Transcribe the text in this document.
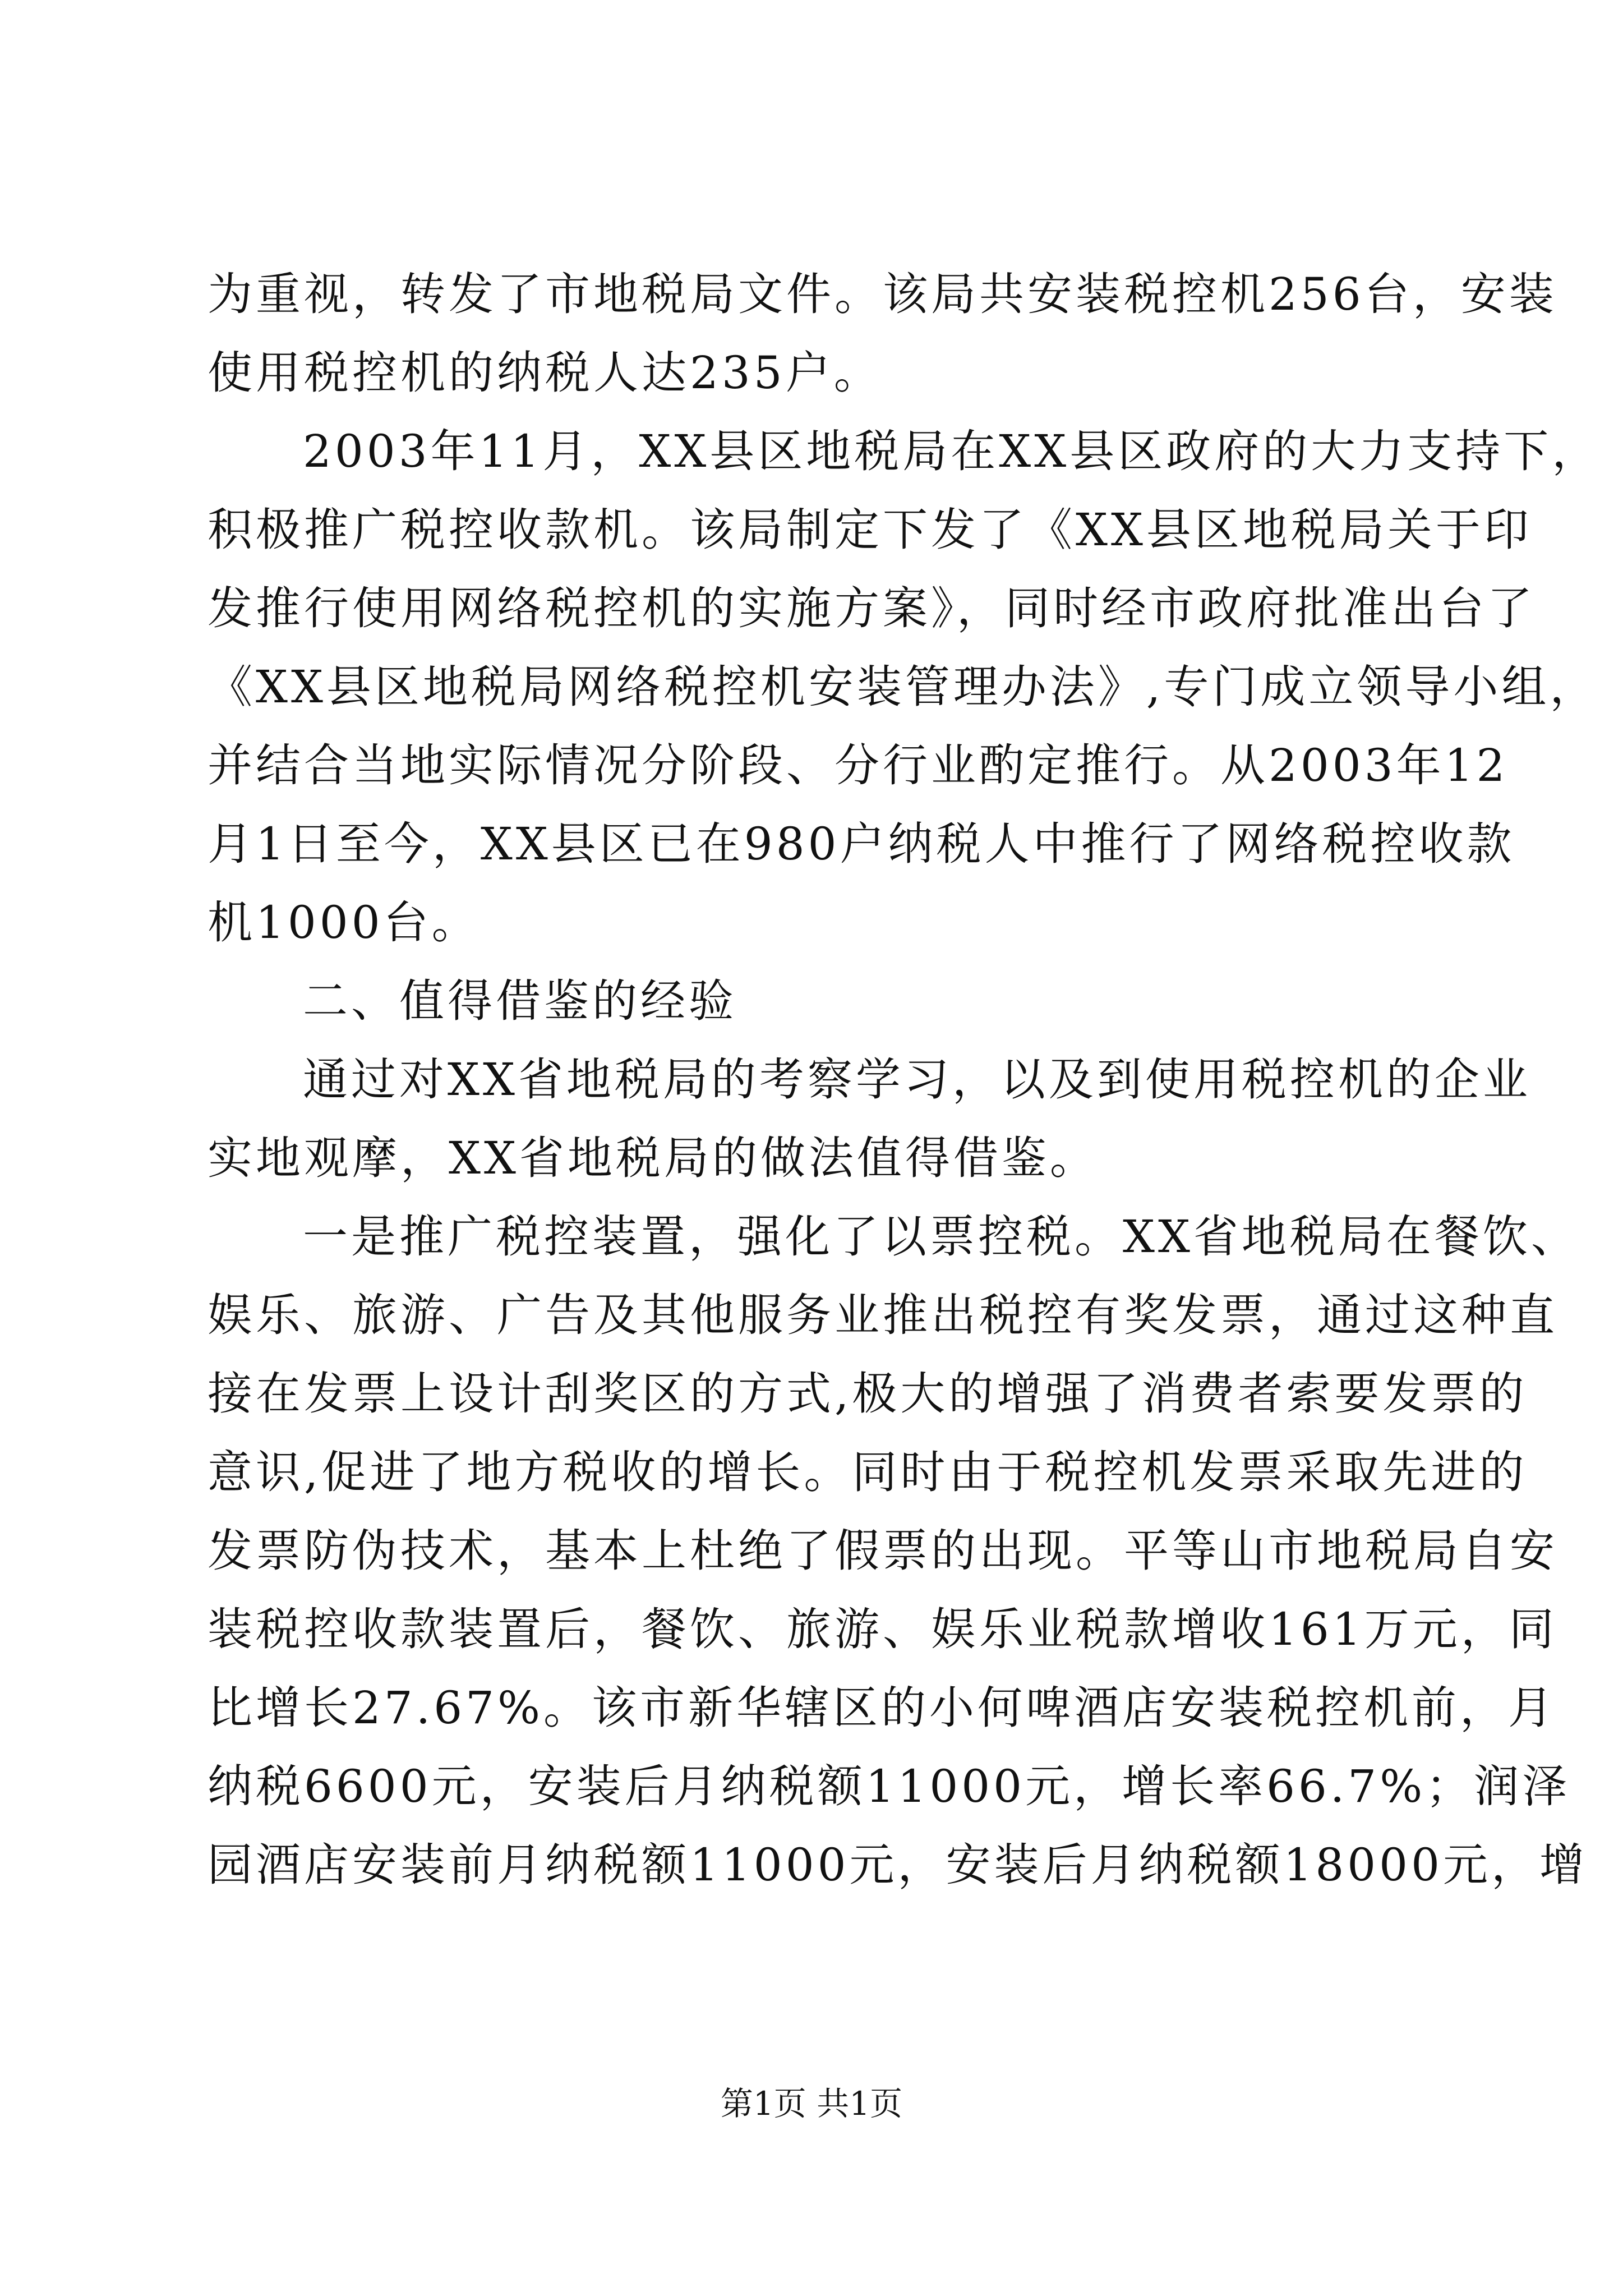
为重视，转发了市地税局文件。该局共安装税控机256台，安装
使用税控机的纳税人达235户。
2003年11月，XX县区地税局在XX县区政府的大力支持下，
积极推广税控收款机。该局制定下发了《XX县区地税局关于印
发推行使用网络税控机的实施方案》，同时经市政府批准出台了
《XX县区地税局网络税控机安装管理办法》,专门成立领导小组，
并结合当地实际情况分阶段、分行业酌定推行。从2003年12
月1日至今，XX县区已在980户纳税人中推行了网络税控收款
机1000台。
二、值得借鉴的经验
通过对XX省地税局的考察学习，以及到使用税控机的企业
实地观摩，XX省地税局的做法值得借鉴。
一是推广税控装置，强化了以票控税。XX省地税局在餐饮、
娱乐、旅游、广告及其他服务业推出税控有奖发票，通过这种直
接在发票上设计刮奖区的方式,极大的增强了消费者索要发票的
意识,促进了地方税收的增长。同时由于税控机发票采取先进的
发票防伪技术，基本上杜绝了假票的出现。平等山市地税局自安
装税控收款装置后，餐饮、旅游、娱乐业税款增收161万元，同
比增长27.67%。该市新华辖区的小何啤酒店安装税控机前，月
纳税6600元，安装后月纳税额11000元，增长率66.7%；润泽
园酒店安装前月纳税额11000元，安装后月纳税额18000元，增
第1页 共1页
